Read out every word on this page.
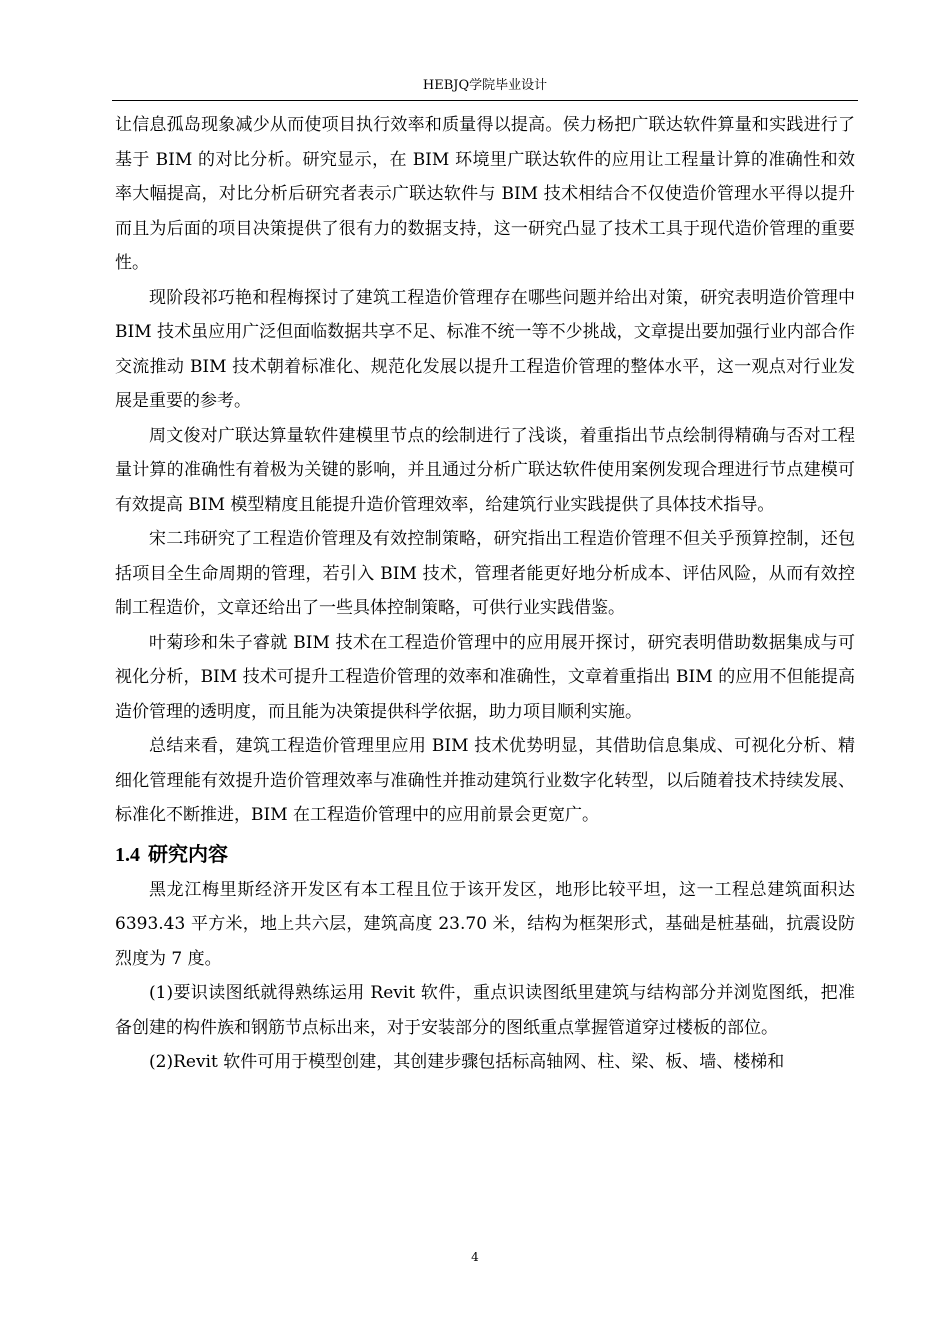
HEBJQ学院毕业设计

让信息孤岛现象减少从而使项目执行效率和质量得以提高。侯力杨把广联达软件算量和实践进行了基于 BIM 的对比分析。研究显示，在 BIM 环境里广联达软件的应用让工程量计算的准确性和效率大幅提高，对比分析后研究者表示广联达软件与 BIM 技术相结合不仅使造价管理水平得以提升而且为后面的项目决策提供了很有力的数据支持，这一研究凸显了技术工具于现代造价管理的重要性。

现阶段祁巧艳和程梅探讨了建筑工程造价管理存在哪些问题并给出对策，研究表明造价管理中 BIM 技术虽应用广泛但面临数据共享不足、标准不统一等不少挑战，文章提出要加强行业内部合作交流推动 BIM 技术朝着标准化、规范化发展以提升工程造价管理的整体水平，这一观点对行业发展是重要的参考。

周文俊对广联达算量软件建模里节点的绘制进行了浅谈，着重指出节点绘制得精确与否对工程量计算的准确性有着极为关键的影响，并且通过分析广联达软件使用案例发现合理进行节点建模可有效提高 BIM 模型精度且能提升造价管理效率，给建筑行业实践提供了具体技术指导。

宋二玮研究了工程造价管理及有效控制策略，研究指出工程造价管理不但关乎预算控制，还包括项目全生命周期的管理，若引入 BIM 技术，管理者能更好地分析成本、评估风险，从而有效控制工程造价，文章还给出了一些具体控制策略，可供行业实践借鉴。

叶菊珍和朱子睿就 BIM 技术在工程造价管理中的应用展开探讨，研究表明借助数据集成与可视化分析，BIM 技术可提升工程造价管理的效率和准确性，文章着重指出 BIM 的应用不但能提高造价管理的透明度，而且能为决策提供科学依据，助力项目顺利实施。

总结来看，建筑工程造价管理里应用 BIM 技术优势明显，其借助信息集成、可视化分析、精细化管理能有效提升造价管理效率与准确性并推动建筑行业数字化转型，以后随着技术持续发展、标准化不断推进，BIM 在工程造价管理中的应用前景会更宽广。

1.4 研究内容

黑龙江梅里斯经济开发区有本工程且位于该开发区，地形比较平坦，这一工程总建筑面积达 6393.43 平方米，地上共六层，建筑高度 23.70 米，结构为框架形式，基础是桩基础，抗震设防烈度为 7 度。

(1)要识读图纸就得熟练运用 Revit 软件，重点识读图纸里建筑与结构部分并浏览图纸，把准备创建的构件族和钢筋节点标出来，对于安装部分的图纸重点掌握管道穿过楼板的部位。

(2)Revit 软件可用于模型创建，其创建步骤包括标高轴网、柱、梁、板、墙、楼梯和

4
